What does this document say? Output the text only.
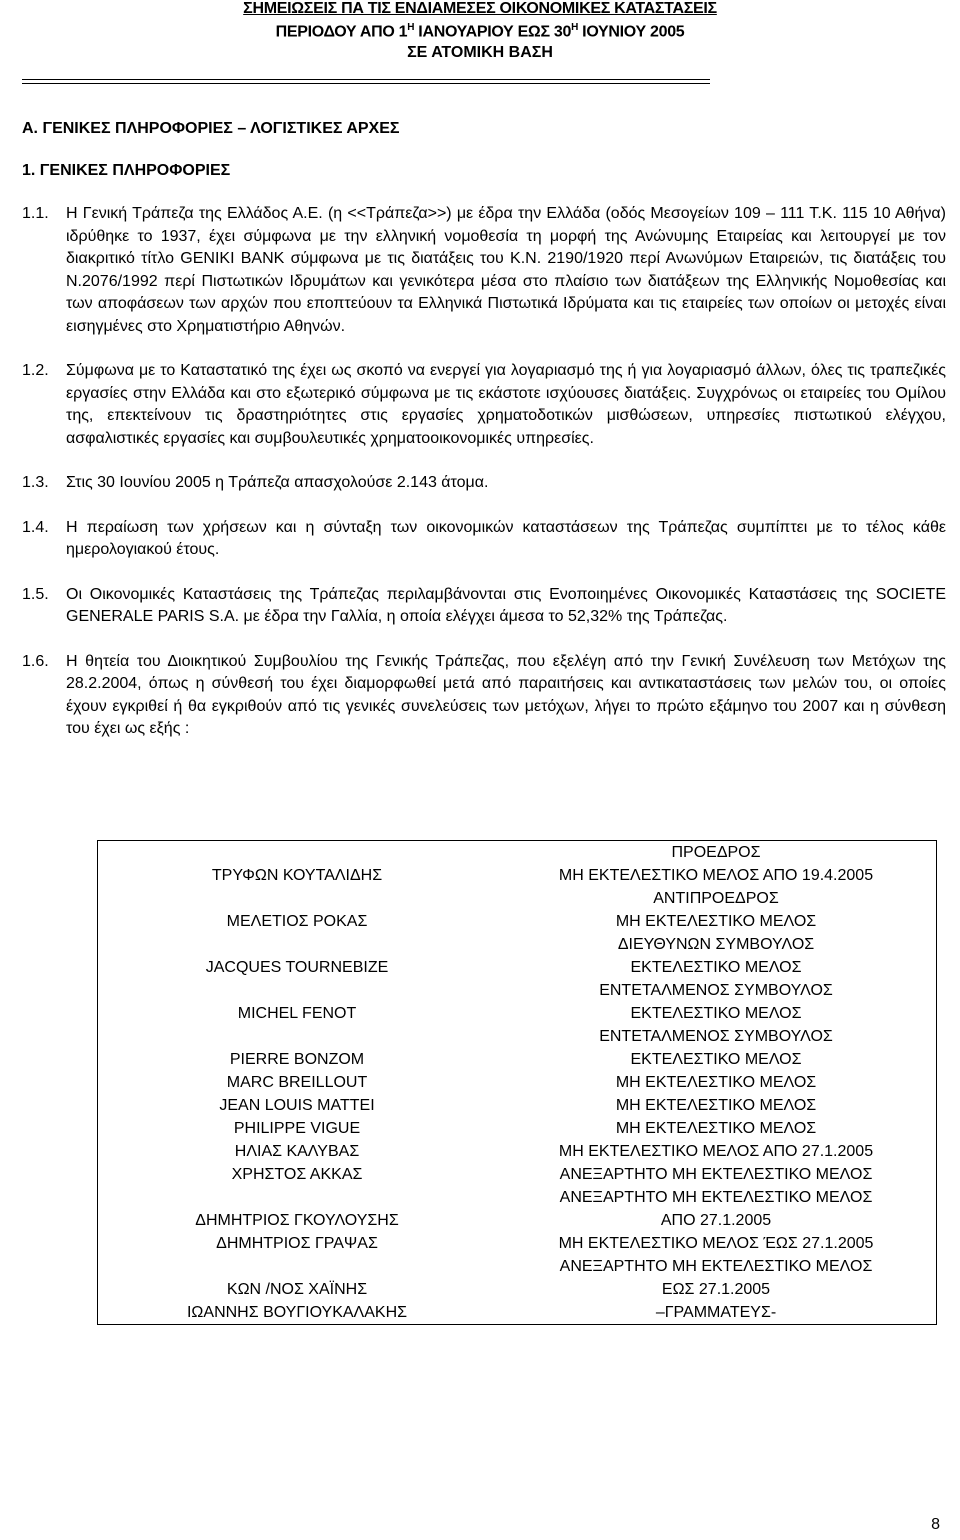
ΣΗΜΕΙΩΣΕΙΣ ΠΑ ΤΙΣ ΕΝΔΙΑΜΕΣΕΣ ΟΙΚΟΝΟΜΙΚΕΣ ΚΑΤΑΣΤΑΣΕΙΣ
ΠΕΡΙΟΔΟΥ ΑΠΟ $1^H$ ΙΑΝΟΥΑΡΙΟΥ ΕΩΣ $30^H$ ΙΟΥΝΙΟΥ 2005
ΣΕ ΑΤΟΜΙΚΗ ΒΑΣΗ
Α. ΓΕΝΙΚΕΣ ΠΛΗΡΟΦΟΡΙΕΣ – ΛΟΓΙΣΤΙΚΕΣ ΑΡΧΕΣ
1. ΓΕΝΙΚΕΣ ΠΛΗΡΟΦΟΡΙΕΣ
1.1.	Η Γενική Τράπεζα της Ελλάδος Α.Ε. (η <<Τράπεζα>>) με έδρα την Ελλάδα (οδός Μεσογείων 109 – 111 Τ.Κ. 115 10 Αθήνα) ιδρύθηκε το 1937, έχει σύμφωνα με την ελληνική νομοθεσία τη μορφή της Ανώνυμης Εταιρείας και λειτουργεί με τον διακριτικό τίτλο GENIKI BANK σύμφωνα με τις διατάξεις του Κ.Ν. 2190/1920 περί Ανωνύμων Εταιρειών, τις διατάξεις του Ν.2076/1992 περί Πιστωτικών Ιδρυμάτων και γενικότερα μέσα στο πλαίσιο των διατάξεων της Ελληνικής Νομοθεσίας και των αποφάσεων των αρχών που εποπτεύουν τα Ελληνικά Πιστωτικά Ιδρύματα και τις εταιρείες των οποίων οι μετοχές είναι εισηγμένες στο Χρηματιστήριο Αθηνών.
1.2.	Σύμφωνα με το Καταστατικό της έχει ως σκοπό να ενεργεί για λογαριασμό της ή για λογαριασμό άλλων, όλες τις τραπεζικές εργασίες στην Ελλάδα και στο εξωτερικό σύμφωνα με τις εκάστοτε ισχύουσες διατάξεις. Συγχρόνως οι εταιρείες του Ομίλου της, επεκτείνουν τις δραστηριότητες στις εργασίες χρηματοδοτικών μισθώσεων, υπηρεσίες πιστωτικού ελέγχου, ασφαλιστικές εργασίες και συμβουλευτικές χρηματοοικονομικές υπηρεσίες.
1.3.	Στις 30 Ιουνίου 2005 η Τράπεζα απασχολούσε 2.143 άτομα.
1.4.	Η περαίωση των χρήσεων και η σύνταξη των οικονομικών καταστάσεων της Τράπεζας συμπίπτει με το τέλος κάθε ημερολογιακού έτους.
1.5.	Οι Οικονομικές Καταστάσεις της Τράπεζας περιλαμβάνονται στις Ενοποιημένες Οικονομικές Καταστάσεις της SOCIETE GENERALE PARIS S.A. με έδρα την Γαλλία, η οποία ελέγχει άμεσα το 52,32% της Τράπεζας.
1.6.	Η θητεία του Διοικητικού Συμβουλίου της Γενικής Τράπεζας, που εξελέγη από την Γενική Συνέλευση των Μετόχων της 28.2.2004, όπως η σύνθεσή του έχει διαμορφωθεί μετά από παραιτήσεις και αντικαταστάσεις των μελών του, οι οποίες έχουν εγκριθεί ή θα εγκριθούν από τις γενικές συνελεύσεις των μετόχων, λήγει το πρώτο εξάμηνο του 2007 και η σύνθεση του έχει ως εξής :
ΤΡΥΦΩΝ ΚΟΥΤΑΛΙΔΗΣ	ΠΡΟΕΔΡΟΣ
ΜΗ ΕΚΤΕΛΕΣΤΙΚΟ ΜΕΛΟΣ ΑΠΟ 19.4.2005

ΜΕΛΕΤΙΟΣ ΡΟΚΑΣ	ΑΝΤΙΠΡΟΕΔΡΟΣ
ΜΗ ΕΚΤΕΛΕΣΤΙΚΟ ΜΕΛΟΣ

JACQUES TOURNEBIZE	ΔΙΕΥΘΥΝΩΝ ΣΥΜΒΟΥΛΟΣ
ΕΚΤΕΛΕΣΤΙΚΟ ΜΕΛΟΣ

MICHEL FENOT	ΕΝΤΕΤΑΛΜΕΝΟΣ ΣΥΜΒΟΥΛΟΣ
ΕΚΤΕΛΕΣΤΙΚΟ ΜΕΛΟΣ

PIERRE BONZOM	ΕΝΤΕΤΑΛΜΕΝΟΣ ΣΥΜΒΟΥΛΟΣ
ΕΚΤΕΛΕΣΤΙΚΟ ΜΕΛΟΣ

MARC BREILLOUT	ΜΗ ΕΚΤΕΛΕΣΤΙΚΟ ΜΕΛΟΣ

JEAN LOUIS MATTEI	ΜΗ ΕΚΤΕΛΕΣΤΙΚΟ ΜΕΛΟΣ

PHILIPPE VIGUE	ΜΗ ΕΚΤΕΛΕΣΤΙΚΟ ΜΕΛΟΣ

ΗΛΙΑΣ ΚΑΛΥΒΑΣ	ΜΗ ΕΚΤΕΛΕΣΤΙΚΟ ΜΕΛΟΣ ΑΠΟ 27.1.2005

ΧΡΗΣΤΟΣ ΑΚΚΑΣ	ΑΝΕΞΑΡΤΗΤΟ ΜΗ ΕΚΤΕΛΕΣΤΙΚΟ ΜΕΛΟΣ

ΔΗΜΗΤΡΙΟΣ ΓΚΟΥΛΟΥΣΗΣ	ΑΝΕΞΑΡΤΗΤΟ ΜΗ ΕΚΤΕΛΕΣΤΙΚΟ ΜΕΛΟΣ
ΑΠΟ 27.1.2005

ΔΗΜΗΤΡΙΟΣ ΓΡΑΨΑΣ	ΜΗ ΕΚΤΕΛΕΣΤΙΚΟ ΜΕΛΟΣ ΈΩΣ 27.1.2005

ΚΩΝ /ΝΟΣ ΧΑΪΝΗΣ	ΑΝΕΞΑΡΤΗΤΟ ΜΗ ΕΚΤΕΛΕΣΤΙΚΟ ΜΕΛΟΣ
ΕΩΣ 27.1.2005

ΙΩΑΝΝΗΣ ΒΟΥΓΙΟΥΚΑΛΑΚΗΣ	–ΓΡΑΜΜΑΤΕΥΣ-
8
